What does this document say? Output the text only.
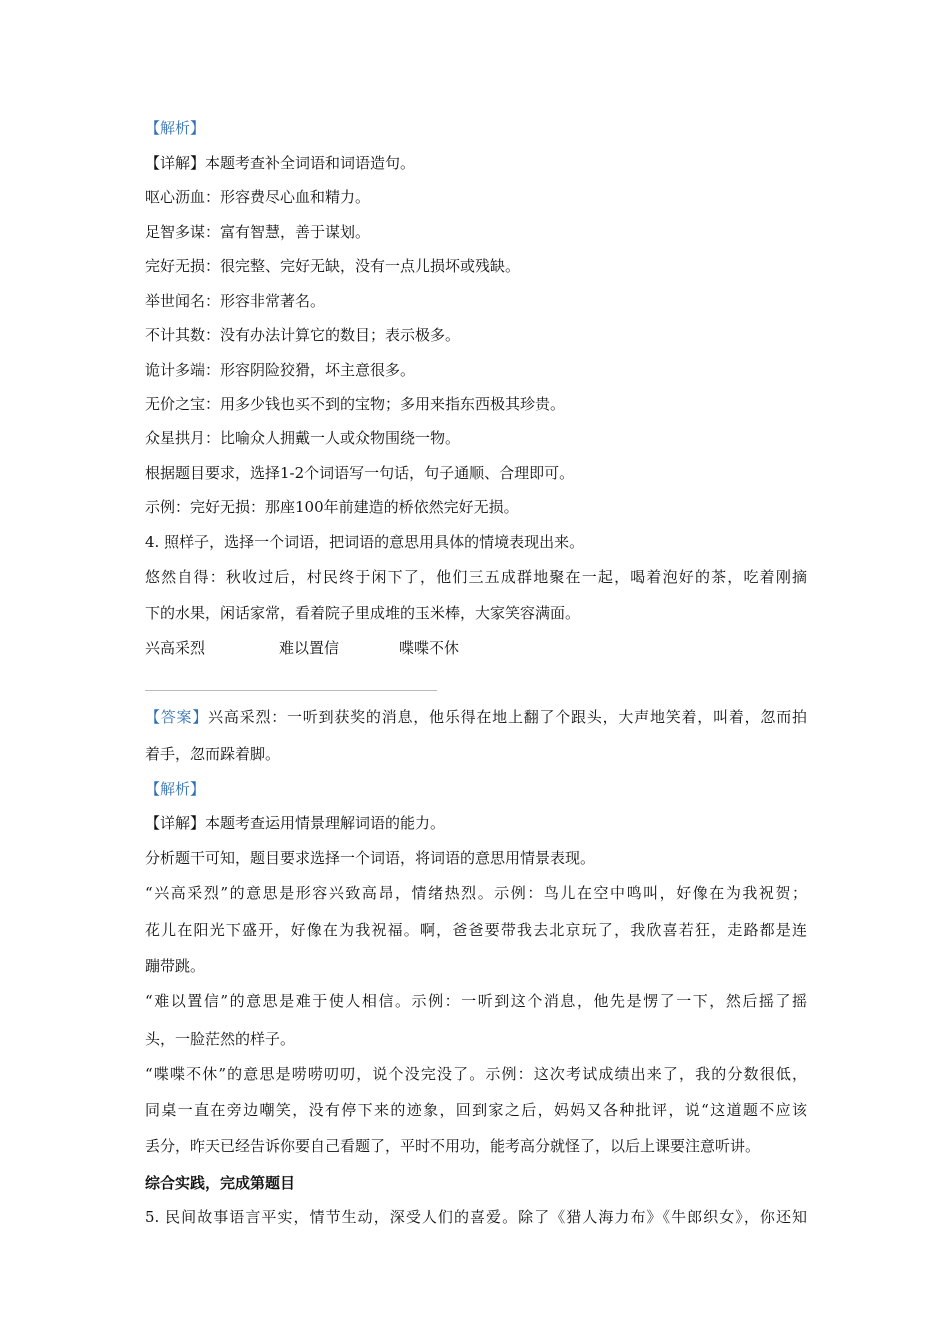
【解析】
【详解】本题考查补全词语和词语造句。
呕心沥血：形容费尽心血和精力。
足智多谋：富有智慧，善于谋划。
完好无损：很完整、完好无缺，没有一点儿损坏或残缺。
举世闻名：形容非常著名。
不计其数：没有办法计算它的数目；表示极多。
诡计多端：形容阴险狡猾，坏主意很多。
无价之宝：用多少钱也买不到的宝物；多用来指东西极其珍贵。
众星拱月：比喻众人拥戴一人或众物围绕一物。
根据题目要求，选择1-2个词语写一句话，句子通顺、合理即可。
示例：完好无损：那座100年前建造的桥依然完好无损。
4. 照样子，选择一个词语，把词语的意思用具体的情境表现出来。
悠然自得：秋收过后，村民终于闲下了，他们三五成群地聚在一起，喝着泡好的茶，吃着刚摘
下的水果，闲话家常，看着院子里成堆的玉米棒，大家笑容满面。
兴高采烈	难以置信	喋喋不休
【答案】兴高采烈：一听到获奖的消息，他乐得在地上翻了个跟头，大声地笑着，叫着，忽而拍
着手，忽而跺着脚。
【解析】
【详解】本题考查运用情景理解词语的能力。
分析题干可知，题目要求选择一个词语，将词语的意思用情景表现。
“兴高采烈”的意思是形容兴致高昂，情绪热烈。示例：鸟儿在空中鸣叫，好像在为我祝贺；
花儿在阳光下盛开，好像在为我祝福。啊，爸爸要带我去北京玩了，我欣喜若狂，走路都是连
蹦带跳。
“难以置信”的意思是难于使人相信。示例：一听到这个消息，他先是愣了一下，然后摇了摇
头，一脸茫然的样子。
“喋喋不休”的意思是唠唠叨叨，说个没完没了。示例：这次考试成绩出来了，我的分数很低，
同桌一直在旁边嘲笑，没有停下来的迹象，回到家之后，妈妈又各种批评，说“这道题不应该
丢分，昨天已经告诉你要自己看题了，平时不用功，能考高分就怪了，以后上课要注意听讲。
综合实践，完成第题目
5. 民间故事语言平实，情节生动，深受人们的喜爱。除了《猎人海力布》《牛郎织女》，你还知
